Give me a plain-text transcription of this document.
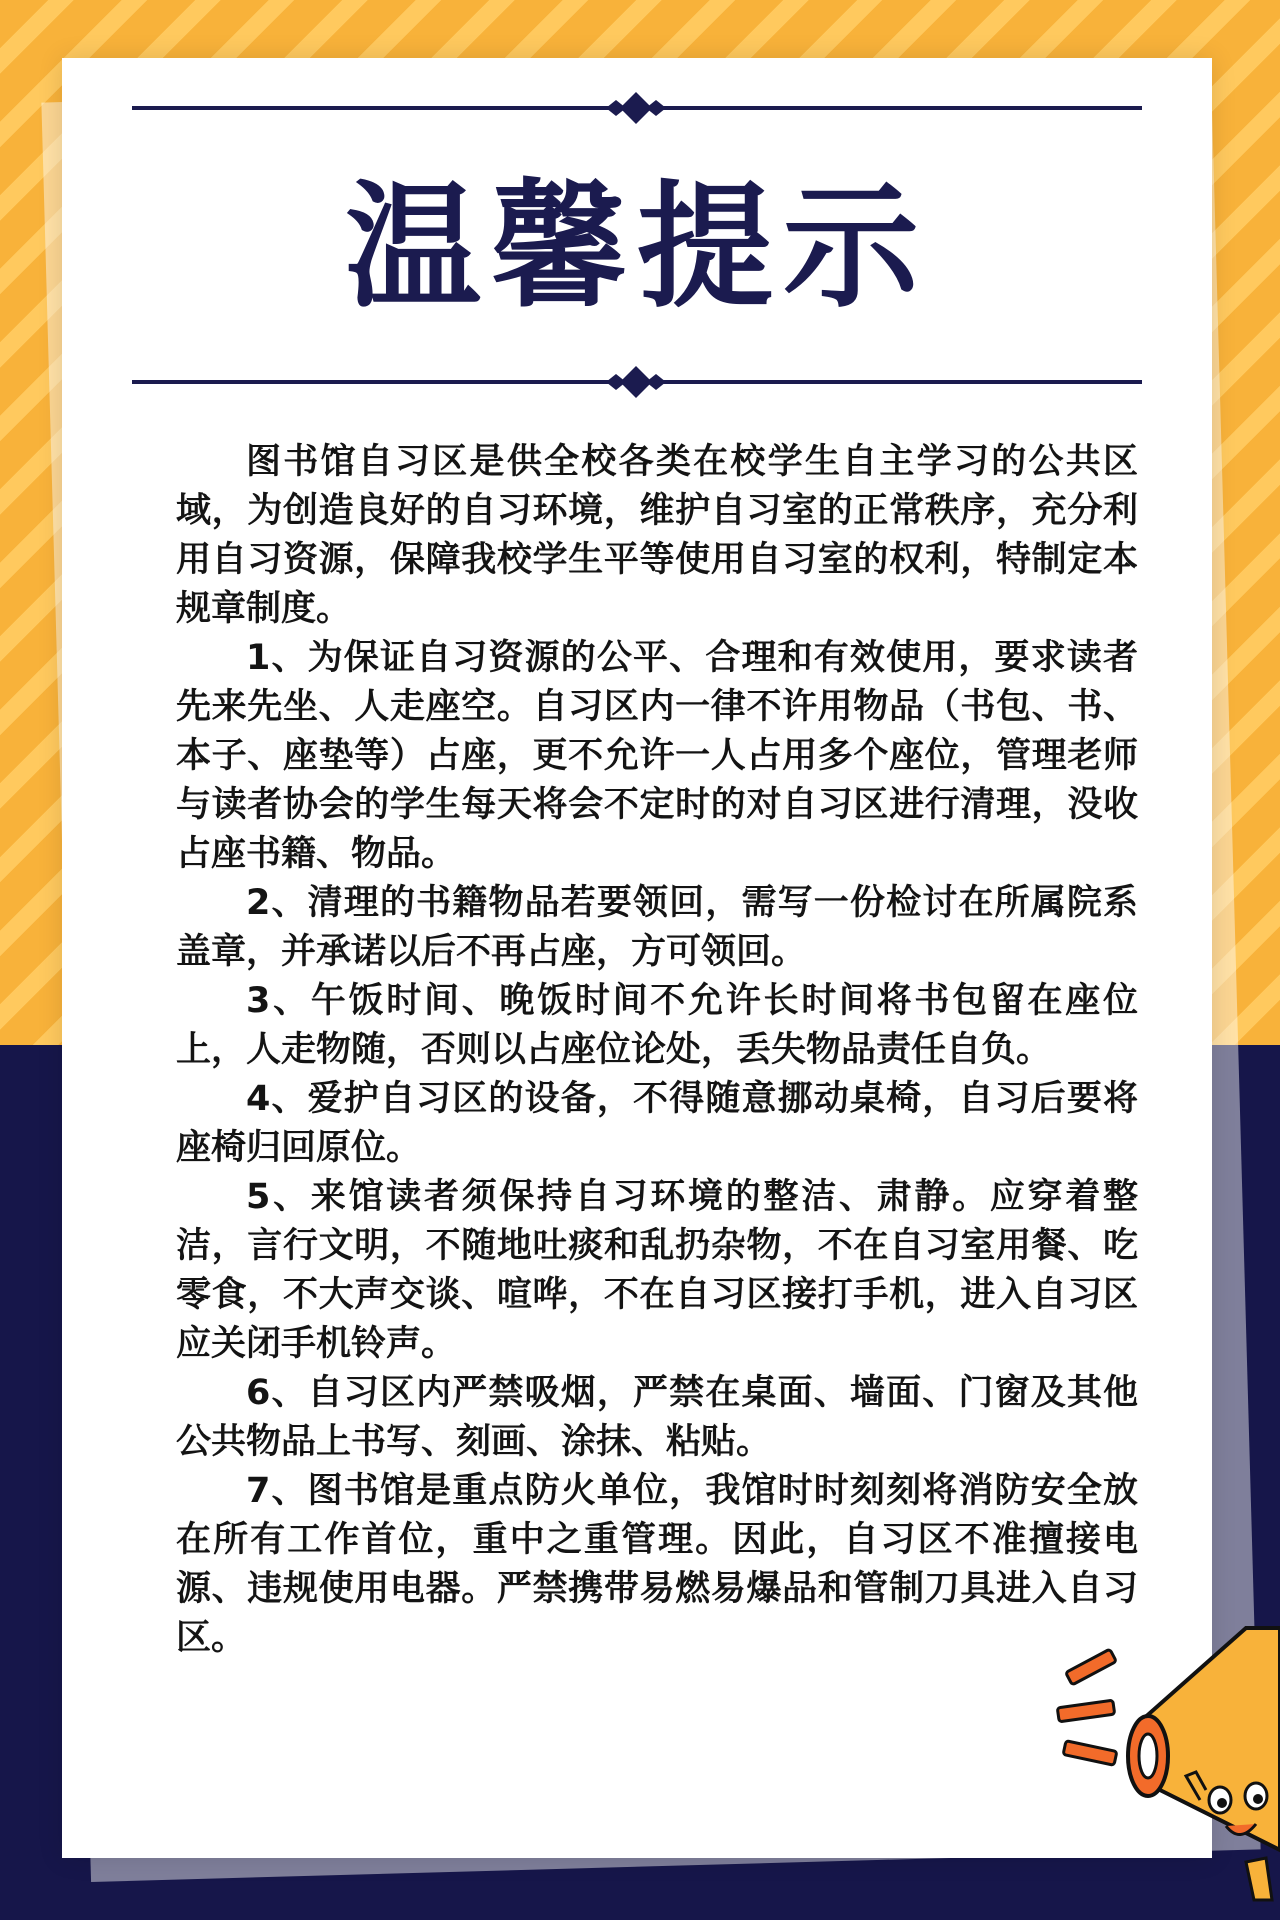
温馨提示

图书馆自习区是供全校各类在校学生自主学习的公共区域，为创造良好的自习环境，维护自习室的正常秩序，充分利用自习资源，保障我校学生平等使用自习室的权利，特制定本规章制度。

1、为保证自习资源的公平、合理和有效使用，要求读者先来先坐、人走座空。自习区内一律不许用物品（书包、书、本子、座垫等）占座，更不允许一人占用多个座位，管理老师与读者协会的学生每天将会不定时的对自习区进行清理，没收占座书籍、物品。

2、清理的书籍物品若要领回，需写一份检讨在所属院系盖章，并承诺以后不再占座，方可领回。

3、午饭时间、晚饭时间不允许长时间将书包留在座位上，人走物随，否则以占座位论处，丢失物品责任自负。

4、爱护自习区的设备，不得随意挪动桌椅，自习后要将座椅归回原位。

5、来馆读者须保持自习环境的整洁、肃静。应穿着整洁，言行文明，不随地吐痰和乱扔杂物，不在自习室用餐、吃零食，不大声交谈、喧哗，不在自习区接打手机，进入自习区应关闭手机铃声。

6、自习区内严禁吸烟，严禁在桌面、墙面、门窗及其他公共物品上书写、刻画、涂抹、粘贴。

7、图书馆是重点防火单位，我馆时时刻刻将消防安全放在所有工作首位，重中之重管理。因此，自习区不准擅接电源、违规使用电器。严禁携带易燃易爆品和管制刀具进入自习区。
